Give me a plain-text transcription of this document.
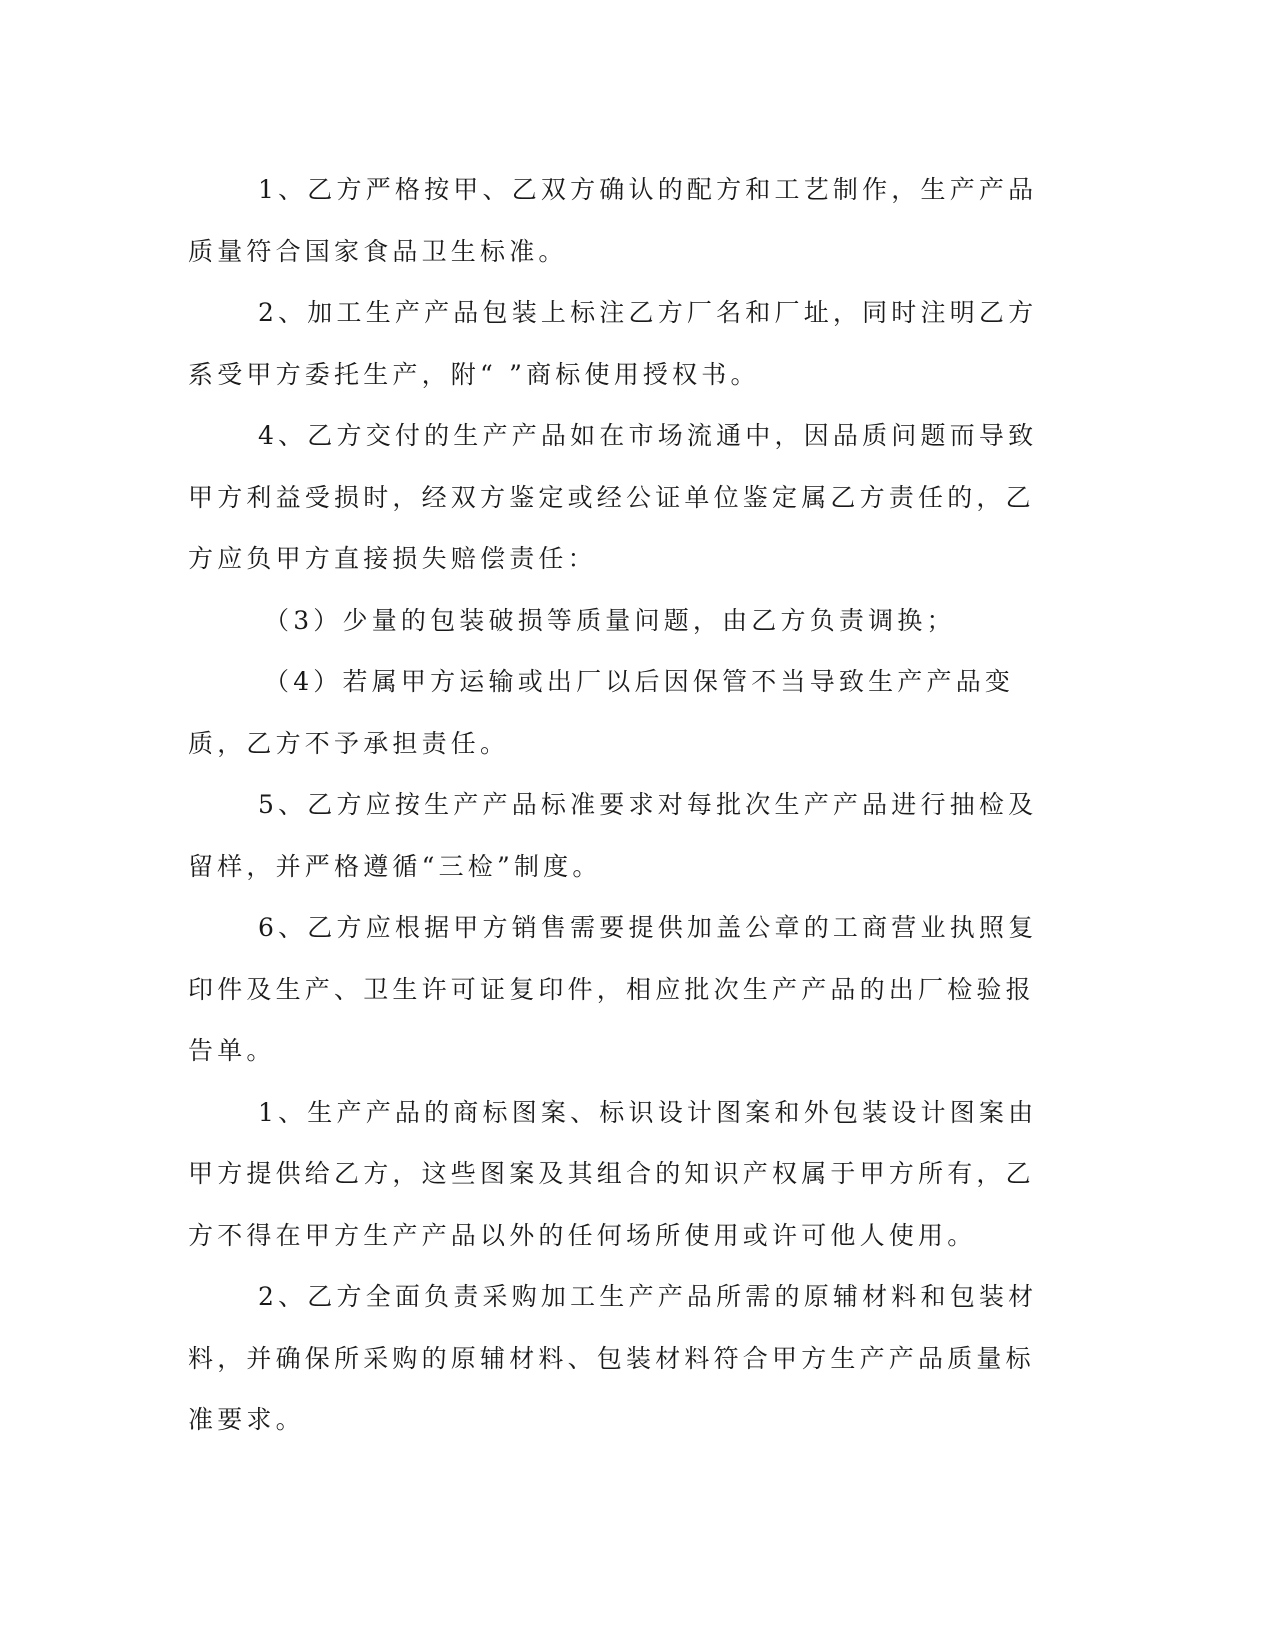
1、乙方严格按甲、乙双方确认的配方和工艺制作，生产产品质量符合国家食品卫生标准。

2、加工生产产品包装上标注乙方厂名和厂址，同时注明乙方系受甲方委托生产，附“ ”商标使用授权书。

4、乙方交付的生产产品如在市场流通中，因品质问题而导致甲方利益受损时，经双方鉴定或经公证单位鉴定属乙方责任的，乙方应负甲方直接损失赔偿责任：

（3）少量的包装破损等质量问题，由乙方负责调换；

（4）若属甲方运输或出厂以后因保管不当导致生产产品变质，乙方不予承担责任。

5、乙方应按生产产品标准要求对每批次生产产品进行抽检及留样，并严格遵循“三检”制度。

6、乙方应根据甲方销售需要提供加盖公章的工商营业执照复印件及生产、卫生许可证复印件，相应批次生产产品的出厂检验报告单。

1、生产产品的商标图案、标识设计图案和外包装设计图案由甲方提供给乙方，这些图案及其组合的知识产权属于甲方所有，乙方不得在甲方生产产品以外的任何场所使用或许可他人使用。

2、乙方全面负责采购加工生产产品所需的原辅材料和包装材料，并确保所采购的原辅材料、包装材料符合甲方生产产品质量标准要求。
